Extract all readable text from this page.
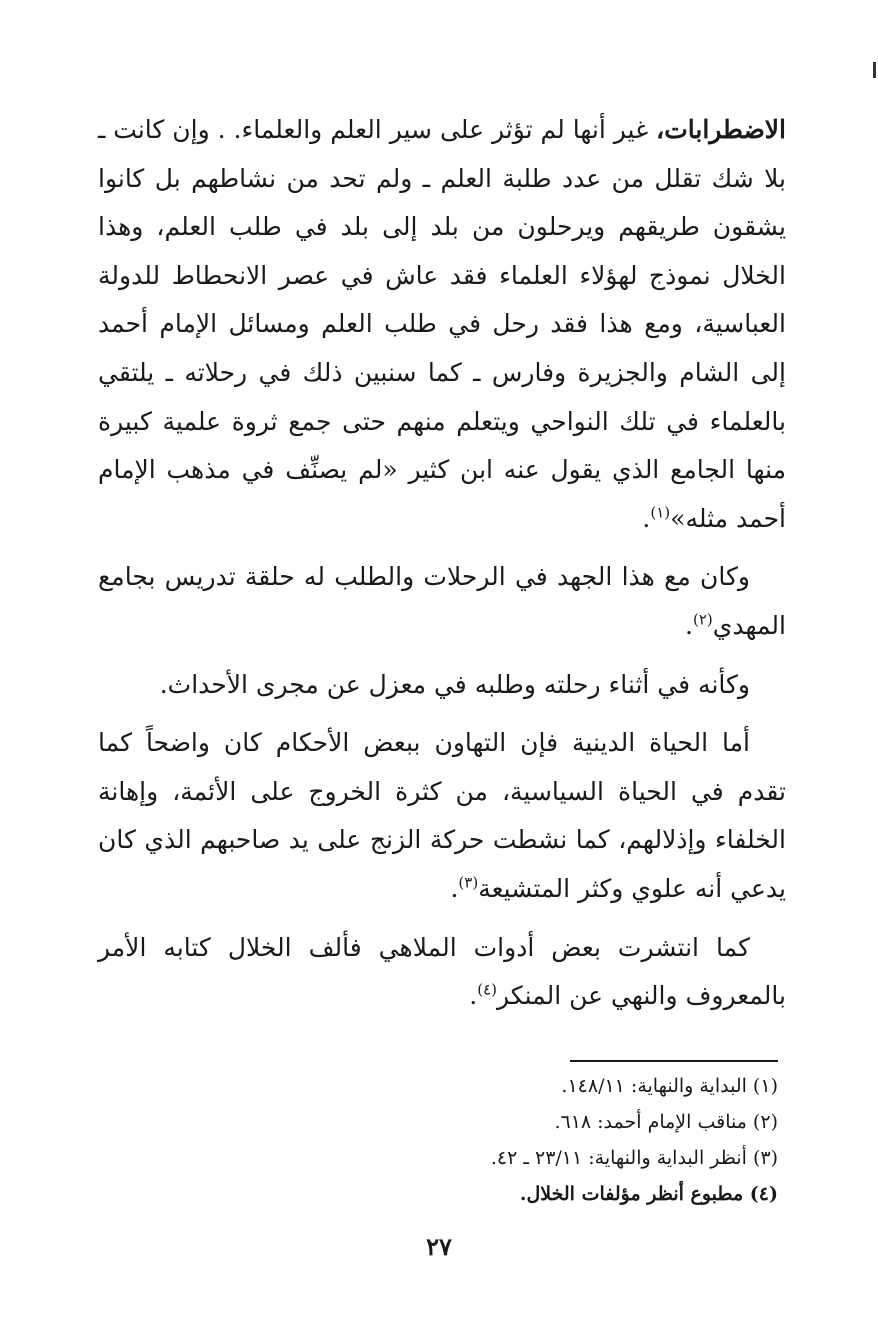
الاضطرابات، غير أنها لم تؤثر على سير العلم والعلماء. . وإن كانت ـ بلا شك تقلل من عدد طلبة العلم ـ ولم تحد من نشاطهم بل كانوا يشقون طريقهم ويرحلون من بلد إلى بلد في طلب العلم، وهذا الخلال نموذج لهؤلاء العلماء فقد عاش في عصر الانحطاط للدولة العباسية، ومع هذا فقد رحل في طلب العلم ومسائل الإمام أحمد إلى الشام والجزيرة وفارس ـ كما سنبين ذلك في رحلاته ـ يلتقي بالعلماء في تلك النواحي ويتعلم منهم حتى جمع ثروة علمية كبيرة منها الجامع الذي يقول عنه ابن كثير «لم يصنِّف في مذهب الإمام أحمد مثله»$^{(١)}$.

وكان مع هذا الجهد في الرحلات والطلب له حلقة تدريس بجامع المهدي$^{(٢)}$.

وكأنه في أثناء رحلته وطلبه في معزل عن مجرى الأحداث.

أما الحياة الدينية فإن التهاون ببعض الأحكام كان واضحاً كما تقدم في الحياة السياسية، من كثرة الخروج على الأئمة، وإهانة الخلفاء وإذلالهم، كما نشطت حركة الزنج على يد صاحبهم الذي كان يدعي أنه علوي وكثر المتشيعة$^{(٣)}$.

كما انتشرت بعض أدوات الملاهي فألف الخلال كتابه الأمر بالمعروف والنهي عن المنكر$^{(٤)}$.

(١) البداية والنهاية: ١٤٨/١١.

(٢) مناقب الإمام أحمد: ٦١٨.

(٣) أنظر البداية والنهاية: ٢٣/١١ ـ ٤٢.

(٤) مطبوع أنظر مؤلفات الخلال.

٢٧
